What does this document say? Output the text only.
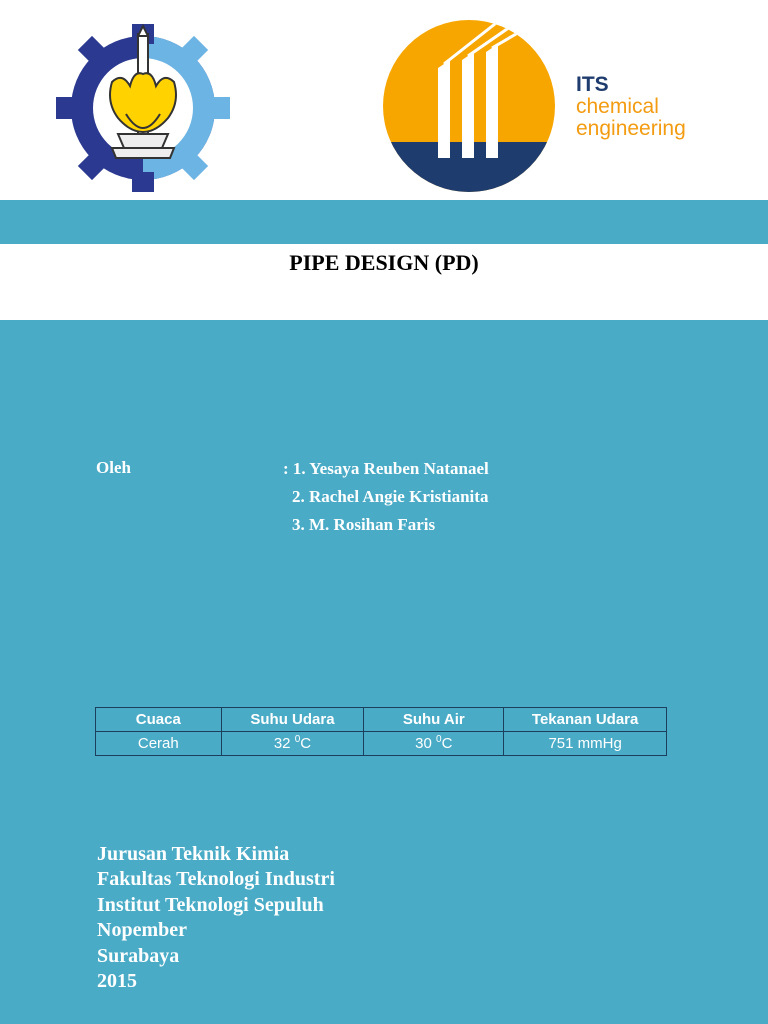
ITS
chemical
engineering
PIPE DESIGN (PD)
Oleh	: 1. Yesaya Reuben Natanael
2. Rachel Angie Kristianita
3. M. Rosihan Faris
Cuaca	Suhu Udara	Suhu Air	Tekanan Udara
Cerah	32 $^0$C	30 $^0$C	751 mmHg
Jurusan Teknik Kimia
Fakultas Teknologi Industri
Institut Teknologi Sepuluh
Nopember
Surabaya
2015
